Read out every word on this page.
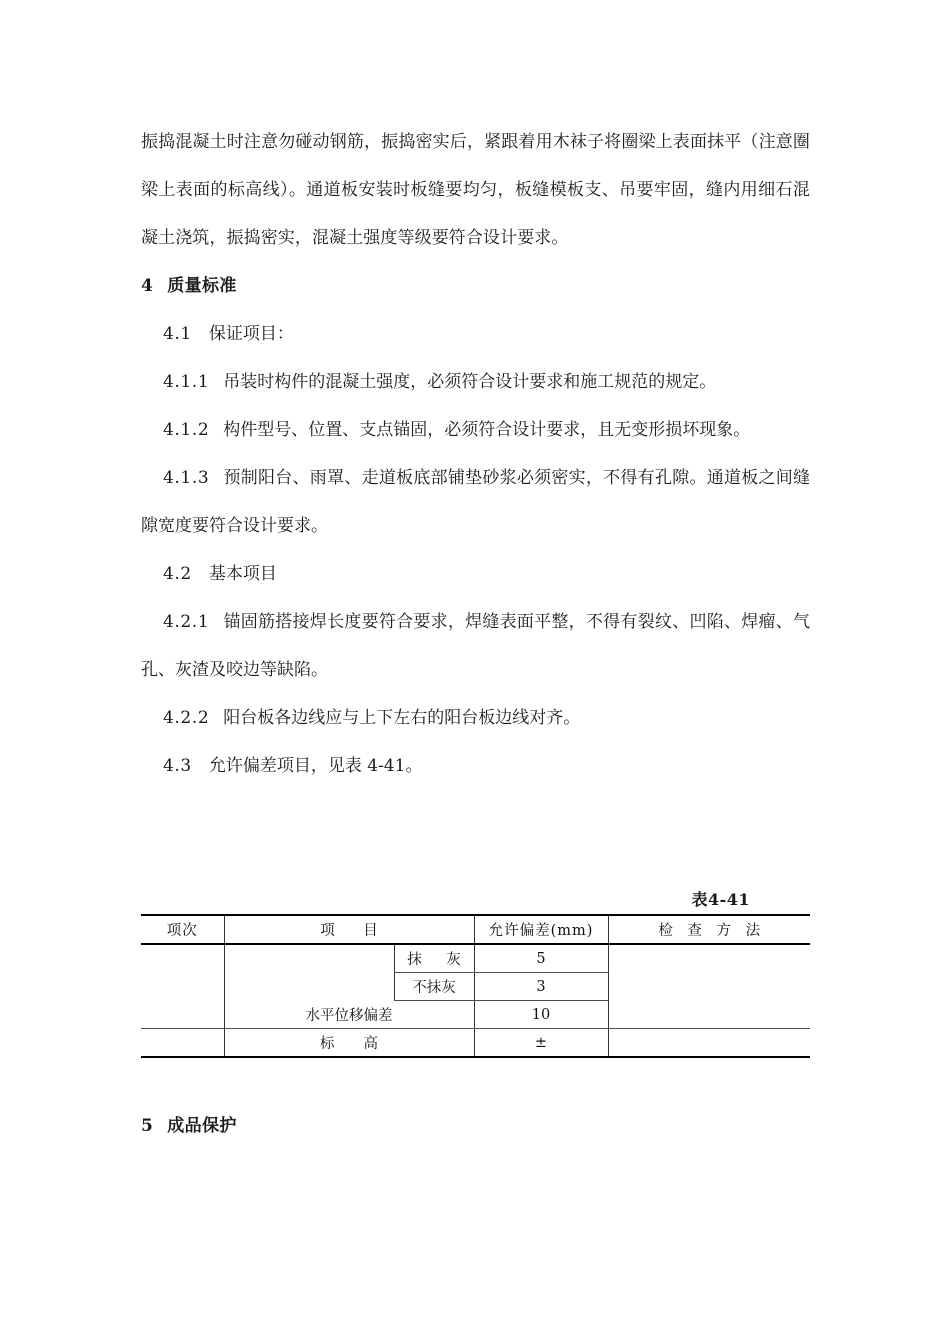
振捣混凝土时注意勿碰动钢筋，振捣密实后，紧跟着用木袜子将圈梁上表面抹平（注意圈梁上表面的标高线）。通道板安装时板缝要均匀，板缝模板支、吊要牢固，缝内用细石混凝土浇筑，振捣密实，混凝土强度等级要符合设计要求。

4 质量标准

4.1 保证项目：

4.1.1 吊装时构件的混凝土强度，必须符合设计要求和施工规范的规定。

4.1.2 构件型号、位置、支点锚固，必须符合设计要求，且无变形损坏现象。

4.1.3 预制阳台、雨罩、走道板底部铺垫砂浆必须密实，不得有孔隙。通道板之间缝隙宽度要符合设计要求。

4.2 基本项目

4.2.1 锚固筋搭接焊长度要符合要求，焊缝表面平整，不得有裂纹、凹陷、焊瘤、气孔、灰渣及咬边等缺陷。

4.2.2 阳台板各边线应与上下左右的阳台板边线对齐。

4.3 允许偏差项目，见表 4-41。

表4-41
项次	项　目		允许偏差(mm)	检 查 方 法
		抹　灰	5	
		不抹灰	3	
	水平位移偏差		10	
	标　　高		±	
5 成品保护
